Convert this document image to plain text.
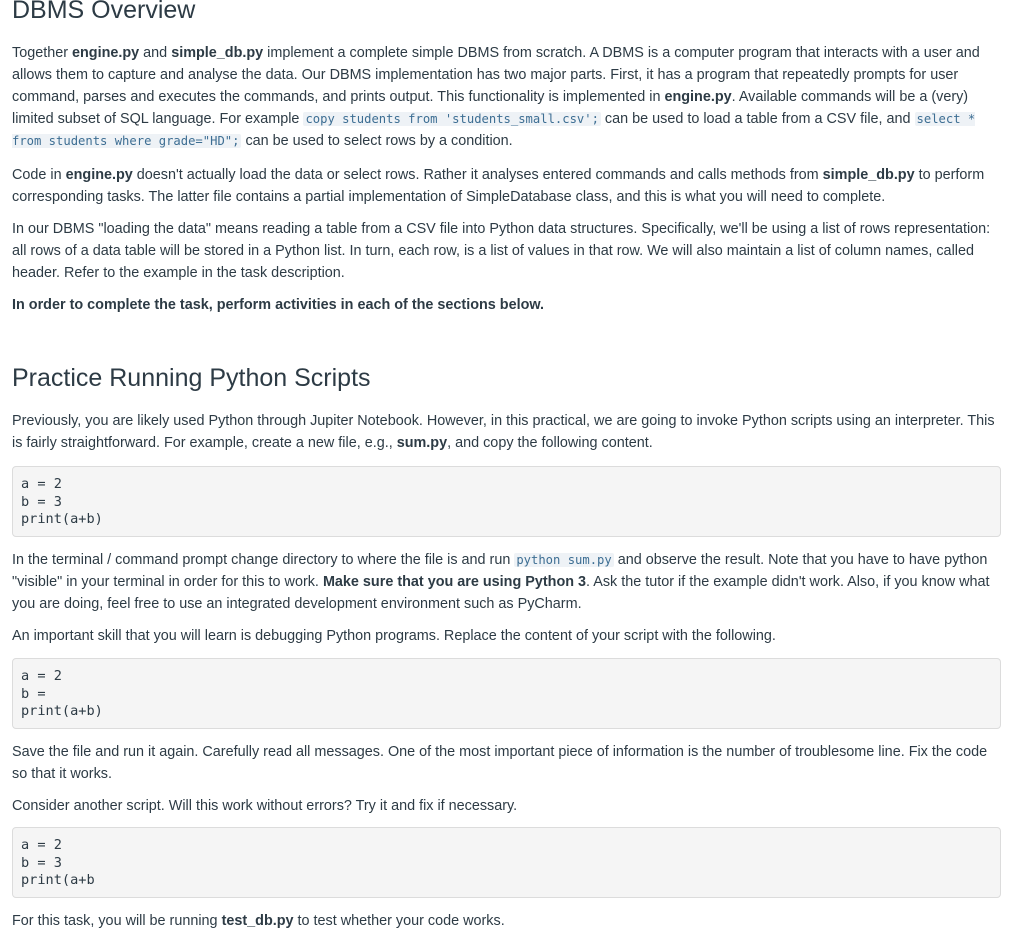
DBMS Overview

Together engine.py and simple_db.py implement a complete simple DBMS from scratch. A DBMS is a computer program that interacts with a user and allows them to capture and analyse the data. Our DBMS implementation has two major parts. First, it has a program that repeatedly prompts for user command, parses and executes the commands, and prints output. This functionality is implemented in engine.py. Available commands will be a (very) limited subset of SQL language. For example copy students from 'students_small.csv'; can be used to load a table from a CSV file, and select * from students where grade="HD"; can be used to select rows by a condition.

Code in engine.py doesn't actually load the data or select rows. Rather it analyses entered commands and calls methods from simple_db.py to perform corresponding tasks. The latter file contains a partial implementation of SimpleDatabase class, and this is what you will need to complete.

In our DBMS "loading the data" means reading a table from a CSV file into Python data structures. Specifically, we'll be using a list of rows representation: all rows of a data table will be stored in a Python list. In turn, each row, is a list of values in that row. We will also maintain a list of column names, called header. Refer to the example in the task description.

In order to complete the task, perform activities in each of the sections below.

Practice Running Python Scripts

Previously, you are likely used Python through Jupiter Notebook. However, in this practical, we are going to invoke Python scripts using an interpreter. This is fairly straightforward. For example, create a new file, e.g., sum.py, and copy the following content.

a = 2
b = 3
print(a+b)

In the terminal / command prompt change directory to where the file is and run python sum.py and observe the result. Note that you have to have python "visible" in your terminal in order for this to work. Make sure that you are using Python 3. Ask the tutor if the example didn't work. Also, if you know what you are doing, feel free to use an integrated development environment such as PyCharm.

An important skill that you will learn is debugging Python programs. Replace the content of your script with the following.

a = 2
b =
print(a+b)

Save the file and run it again. Carefully read all messages. One of the most important piece of information is the number of troublesome line. Fix the code so that it works.

Consider another script. Will this work without errors? Try it and fix if necessary.

a = 2
b = 3
print(a+b

For this task, you will be running test_db.py to test whether your code works.
